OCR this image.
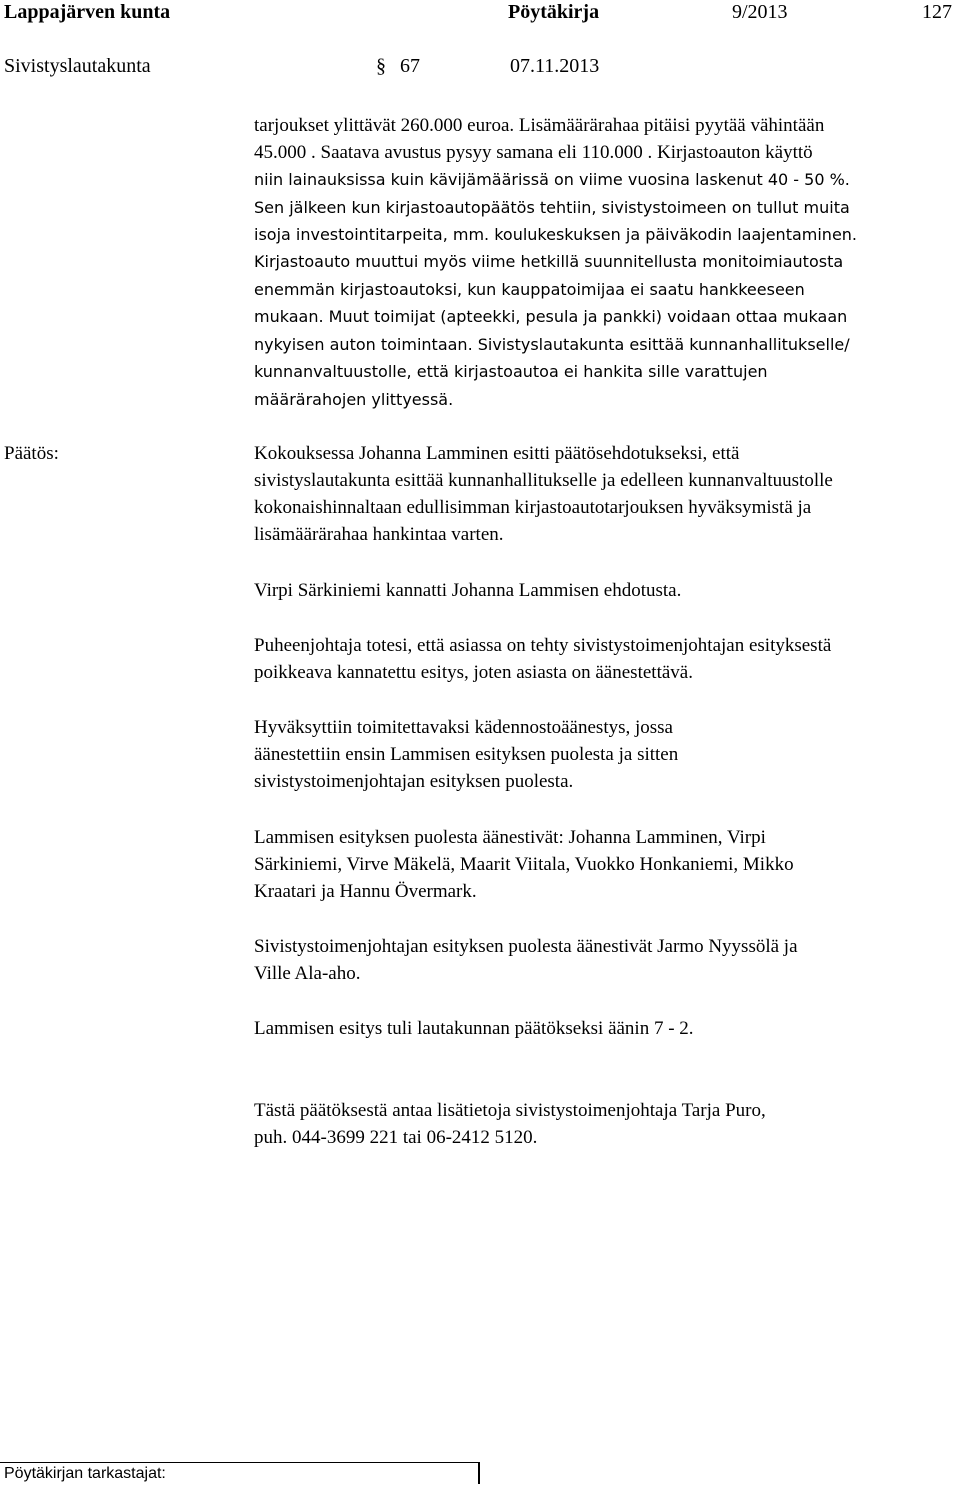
Lappajärven kunta	Pöytäkirja	9/2013	127
Sivistyslautakunta	§ 67	07.11.2013
tarjoukset ylittävät 260.000 euroa. Lisämäärärahaa pitäisi pyytää vähintään
45.000 . Saatava avustus pysyy samana eli 110.000 . Kirjastoauton käyttö
niin lainauksissa kuin kävijämäärissä on viime vuosina laskenut 40 - 50 %.
Sen jälkeen kun kirjastoautopäätös tehtiin, sivistystoimeen on tullut muita
isoja investointitarpeita, mm. koulukeskuksen ja päiväkodin laajentaminen.
Kirjastoauto muuttui myös viime hetkillä suunnitellusta monitoimiautosta
enemmän kirjastoautoksi, kun kauppatoimijaa ei saatu hankkeeseen
mukaan. Muut toimijat (apteekki, pesula ja pankki) voidaan ottaa mukaan
nykyisen auton toimintaan. Sivistyslautakunta esittää kunnanhallitukselle/
kunnanvaltuustolle, että kirjastoautoa ei hankita sille varattujen
määrärahojen ylittyessä.
Päätös:	Kokouksessa Johanna Lamminen esitti päätösehdotukseksi, että
sivistyslautakunta esittää kunnanhallitukselle ja edelleen kunnanvaltuustolle
kokonaishinnaltaan edullisimman kirjastoautotarjouksen hyväksymistä ja
lisämäärärahaa hankintaa varten.
Virpi Särkiniemi kannatti Johanna Lammisen ehdotusta.
Puheenjohtaja totesi, että asiassa on tehty sivistystoimenjohtajan esityksestä
poikkeava kannatettu esitys, joten asiasta on äänestettävä.
Hyväksyttiin toimitettavaksi kädennostoäänestys, jossa
äänestettiin ensin Lammisen esityksen puolesta ja sitten
sivistystoimenjohtajan esityksen puolesta.
Lammisen esityksen puolesta äänestivät: Johanna Lamminen, Virpi
Särkiniemi, Virve Mäkelä, Maarit Viitala, Vuokko Honkaniemi, Mikko
Kraatari ja Hannu Övermark.
Sivistystoimenjohtajan esityksen puolesta äänestivät Jarmo Nyyssölä ja
Ville Ala-aho.
Lammisen esitys tuli lautakunnan päätökseksi äänin 7 - 2.
Tästä päätöksestä antaa lisätietoja sivistystoimenjohtaja Tarja Puro,
puh. 044-3699 221 tai 06-2412 5120.
Pöytäkirjan tarkastajat:
